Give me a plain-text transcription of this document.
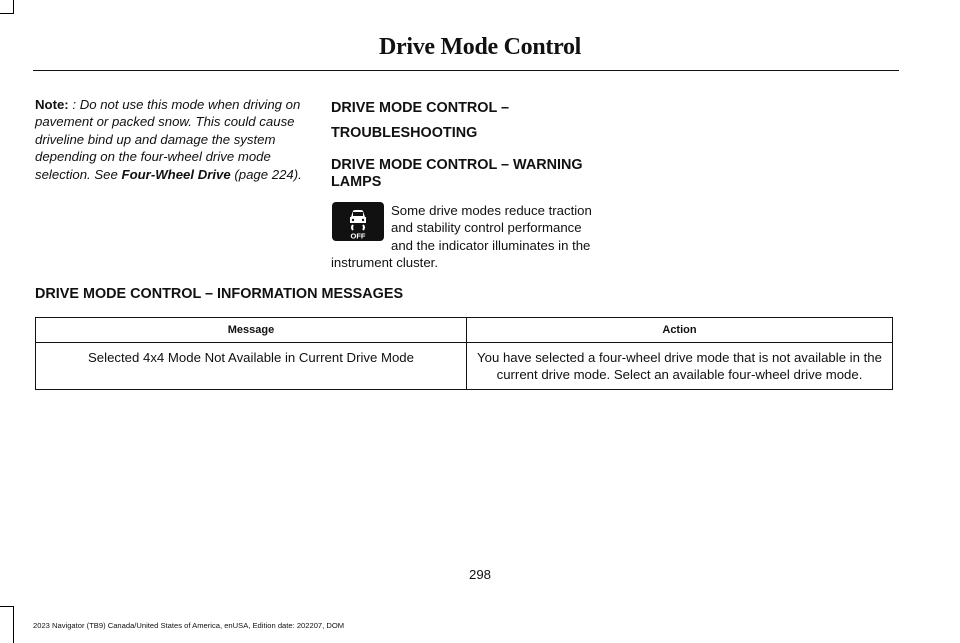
Drive Mode Control
Note: : Do not use this mode when driving on pavement or packed snow. This could cause driveline bind up and damage the system depending on the four-wheel drive mode selection. See Four-Wheel Drive (page 224).
DRIVE MODE CONTROL –
TROUBLESHOOTING
DRIVE MODE CONTROL – WARNING LAMPS
Some drive modes reduce traction and stability control performance and the indicator illuminates in the instrument cluster.
OFF
DRIVE MODE CONTROL – INFORMATION MESSAGES
Message	Action
Selected 4x4 Mode Not Available in Current Drive Mode	You have selected a four-wheel drive mode that is not available in the current drive mode. Select an available four-wheel drive mode.
298
2023 Navigator (TB9) Canada/United States of America, enUSA, Edition date: 202207, DOM
